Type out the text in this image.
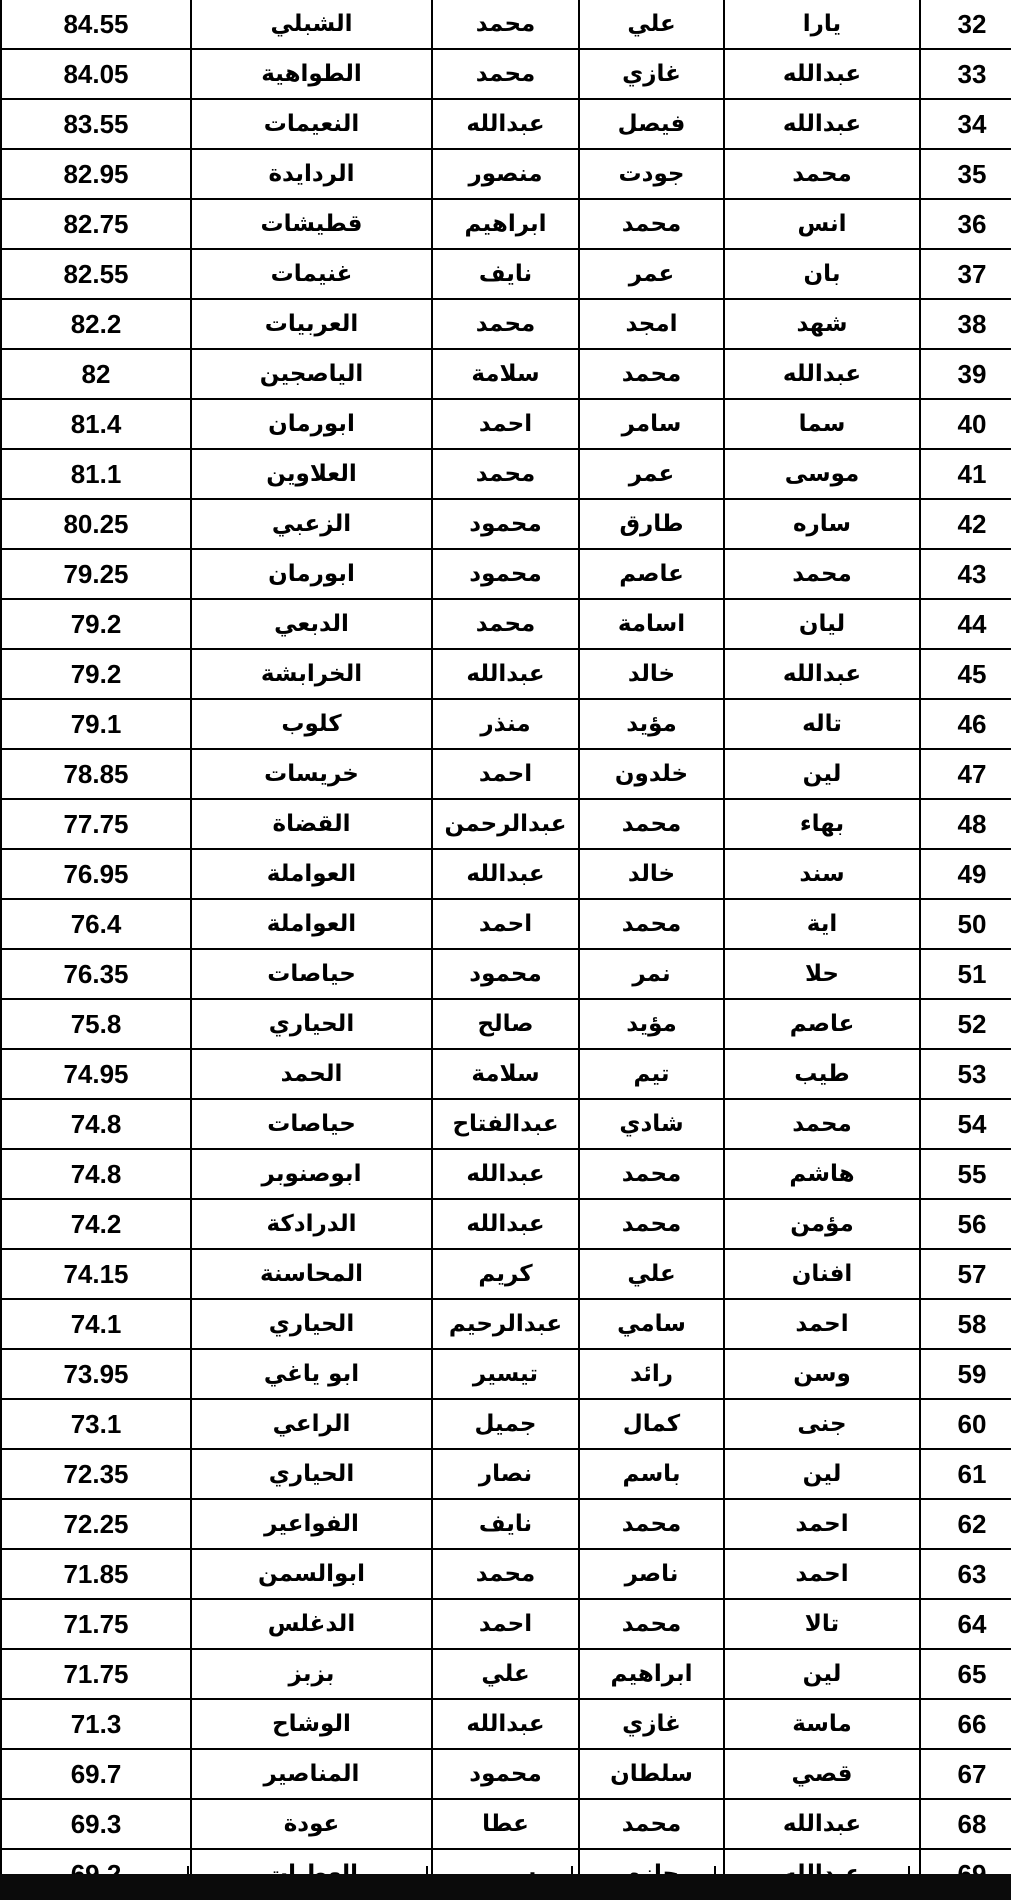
84.55	الشبلي	محمد	علي	يارا	32
84.05	الطواهية	محمد	غازي	عبدالله	33
83.55	النعيمات	عبدالله	فيصل	عبدالله	34
82.95	الردايدة	منصور	جودت	محمد	35
82.75	قطيشات	ابراهيم	محمد	انس	36
82.55	غنيمات	نايف	عمر	بان	37
82.2	العربيات	محمد	امجد	شهد	38
82	الياصجين	سلامة	محمد	عبدالله	39
81.4	ابورمان	احمد	سامر	سما	40
81.1	العلاوين	محمد	عمر	موسى	41
80.25	الزعبي	محمود	طارق	ساره	42
79.25	ابورمان	محمود	عاصم	محمد	43
79.2	الدبعي	محمد	اسامة	ليان	44
79.2	الخرابشة	عبدالله	خالد	عبدالله	45
79.1	كلوب	منذر	مؤيد	تاله	46
78.85	خريسات	احمد	خلدون	لين	47
77.75	القضاة	عبدالرحمن	محمد	بهاء	48
76.95	العواملة	عبدالله	خالد	سند	49
76.4	العواملة	احمد	محمد	اية	50
76.35	حياصات	محمود	نمر	حلا	51
75.8	الحياري	صالح	مؤيد	عاصم	52
74.95	الحمد	سلامة	تيم	طيب	53
74.8	حياصات	عبدالفتاح	شادي	محمد	54
74.8	ابوصنوبر	عبدالله	محمد	هاشم	55
74.2	الدرادكة	عبدالله	محمد	مؤمن	56
74.15	المحاسنة	كريم	علي	افنان	57
74.1	الحياري	عبدالرحيم	سامي	احمد	58
73.95	ابو ياغي	تيسير	رائد	وسن	59
73.1	الراعي	جميل	كمال	جنى	60
72.35	الحياري	نصار	باسم	لين	61
72.25	الفواعير	نايف	محمد	احمد	62
71.85	ابوالسمن	محمد	ناصر	احمد	63
71.75	الدغلس	احمد	محمد	تالا	64
71.75	بزبز	علي	ابراهيم	لين	65
71.3	الوشاح	عبدالله	غازي	ماسة	66
69.7	المناصير	محمود	سلطان	قصي	67
69.3	عودة	عطا	محمد	عبدالله	68
